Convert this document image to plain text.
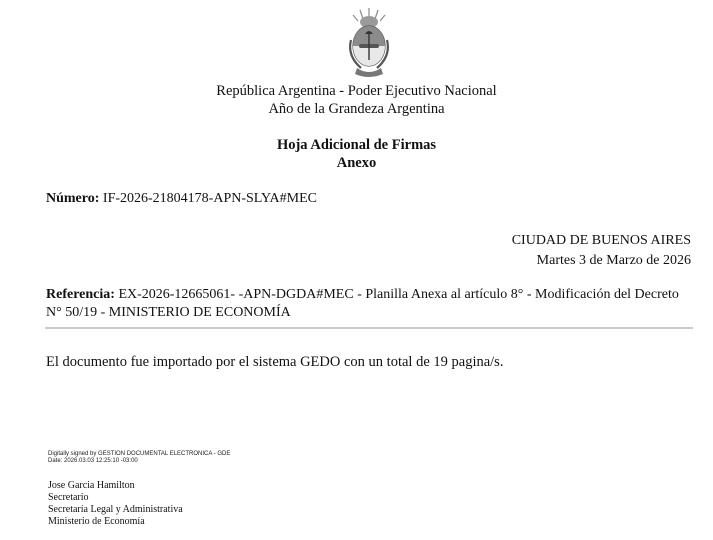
República Argentina - Poder Ejecutivo Nacional
Año de la Grandeza Argentina
Hoja Adicional de Firmas
Anexo
Número: IF-2026-21804178-APN-SLYA#MEC
CIUDAD DE BUENOS AIRES
Martes 3 de Marzo de 2026
Referencia: EX-2026-12665061- -APN-DGDA#MEC - Planilla Anexa al artículo 8° - Modificación del Decreto N° 50/19 - MINISTERIO DE ECONOMÍA
El documento fue importado por el sistema GEDO con un total de 19 pagina/s.
Digitally signed by GESTION DOCUMENTAL ELECTRONICA - GDE
Date: 2026.03.03 12:25:10 -03:00
Jose Garcia Hamilton
Secretario
Secretaría Legal y Administrativa
Ministerio de Economía
